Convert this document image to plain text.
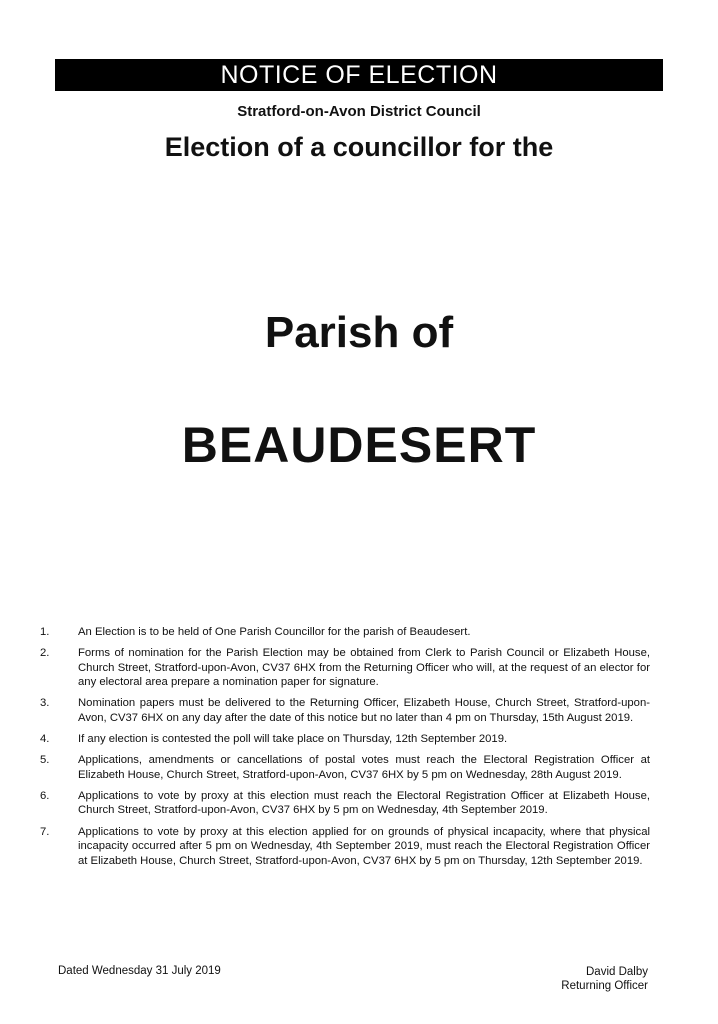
NOTICE OF ELECTION
Stratford-on-Avon District Council
Election of a councillor for the
Parish of
BEAUDESERT
1.	An Election is to be held of One Parish Councillor for the parish of Beaudesert.
2.	Forms of nomination for the Parish Election may be obtained from Clerk to Parish Council or Elizabeth House, Church Street, Stratford-upon-Avon, CV37 6HX from the Returning Officer who will, at the request of an elector for any electoral area prepare a nomination paper for signature.
3.	Nomination papers must be delivered to the Returning Officer, Elizabeth House, Church Street, Stratford-upon-Avon, CV37 6HX on any day after the date of this notice but no later than 4 pm on Thursday, 15th August 2019.
4.	If any election is contested the poll will take place on Thursday, 12th September 2019.
5.	Applications, amendments or cancellations of postal votes must reach the Electoral Registration Officer at Elizabeth House, Church Street, Stratford-upon-Avon, CV37 6HX by 5 pm on Wednesday, 28th August 2019.
6.	Applications to vote by proxy at this election must reach the Electoral Registration Officer at Elizabeth House, Church Street, Stratford-upon-Avon, CV37 6HX by 5 pm on Wednesday, 4th September 2019.
7.	Applications to vote by proxy at this election applied for on grounds of physical incapacity, where that physical incapacity occurred after 5 pm on Wednesday, 4th September 2019, must reach the Electoral Registration Officer at Elizabeth House, Church Street, Stratford-upon-Avon, CV37 6HX by 5 pm on Thursday, 12th September 2019.
Dated Wednesday 31 July 2019	David Dalby
Returning Officer
